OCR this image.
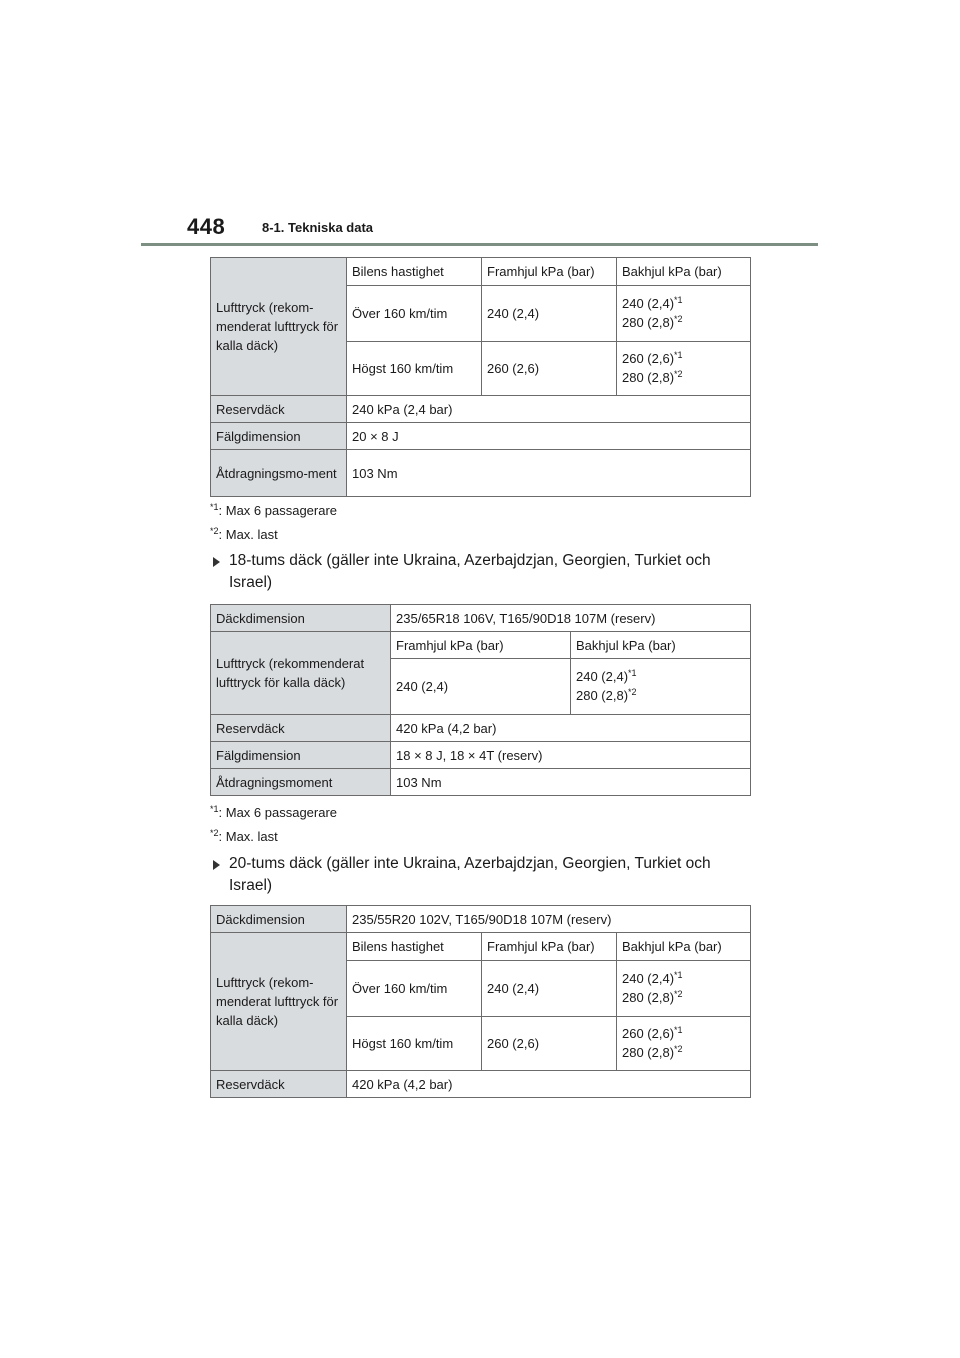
448	8-1. Tekniska data
Lufttryck (rekom-menderat lufttryck för kalla däck)	Bilens hastighet	Framhjul kPa (bar)	Bakhjul kPa (bar)
	Över 160 km/tim	240 (2,4)	240 $(2,4)^{*1}$
280 $(2,8)^{*2}$

	Högst 160 km/tim	260 (2,6)	260 $(2,6)^{*1}$
280 $(2,8)^{*2}$

Reservdäck	240 kPa (2,4 bar)		
Fälgdimension	20 × 8 J		
Åtdragningsmo-ment	103 Nm		
$^{*1}$: Max 6 passagerare
$^{*2}$: Max. last
18-tums däck (gäller inte Ukraina, Azerbajdzjan, Georgien, Turkiet och Israel)
Däckdimension	235/65R18 106V, T165/90D18 107M (reserv)	
Lufttryck (rekommenderat lufttryck för kalla däck)	Framhjul kPa (bar)	Bakhjul kPa (bar)
	240 (2,4)	240 $(2,4)^{*1}$
280 $(2,8)^{*2}$

Reservdäck	420 kPa (4,2 bar)	
Fälgdimension	18 × 8 J, 18 × 4T (reserv)	
Åtdragningsmoment	103 Nm	
$^{*1}$: Max 6 passagerare
$^{*2}$: Max. last
20-tums däck (gäller inte Ukraina, Azerbajdzjan, Georgien, Turkiet och Israel)
Däckdimension	235/55R20 102V, T165/90D18 107M (reserv)		
Lufttryck (rekom-menderat lufttryck för kalla däck)	Bilens hastighet	Framhjul kPa (bar)	Bakhjul kPa (bar)
	Över 160 km/tim	240 (2,4)	240 $(2,4)^{*1}$
280 $(2,8)^{*2}$

	Högst 160 km/tim	260 (2,6)	260 $(2,6)^{*1}$
280 $(2,8)^{*2}$

Reservdäck	420 kPa (4,2 bar)		
